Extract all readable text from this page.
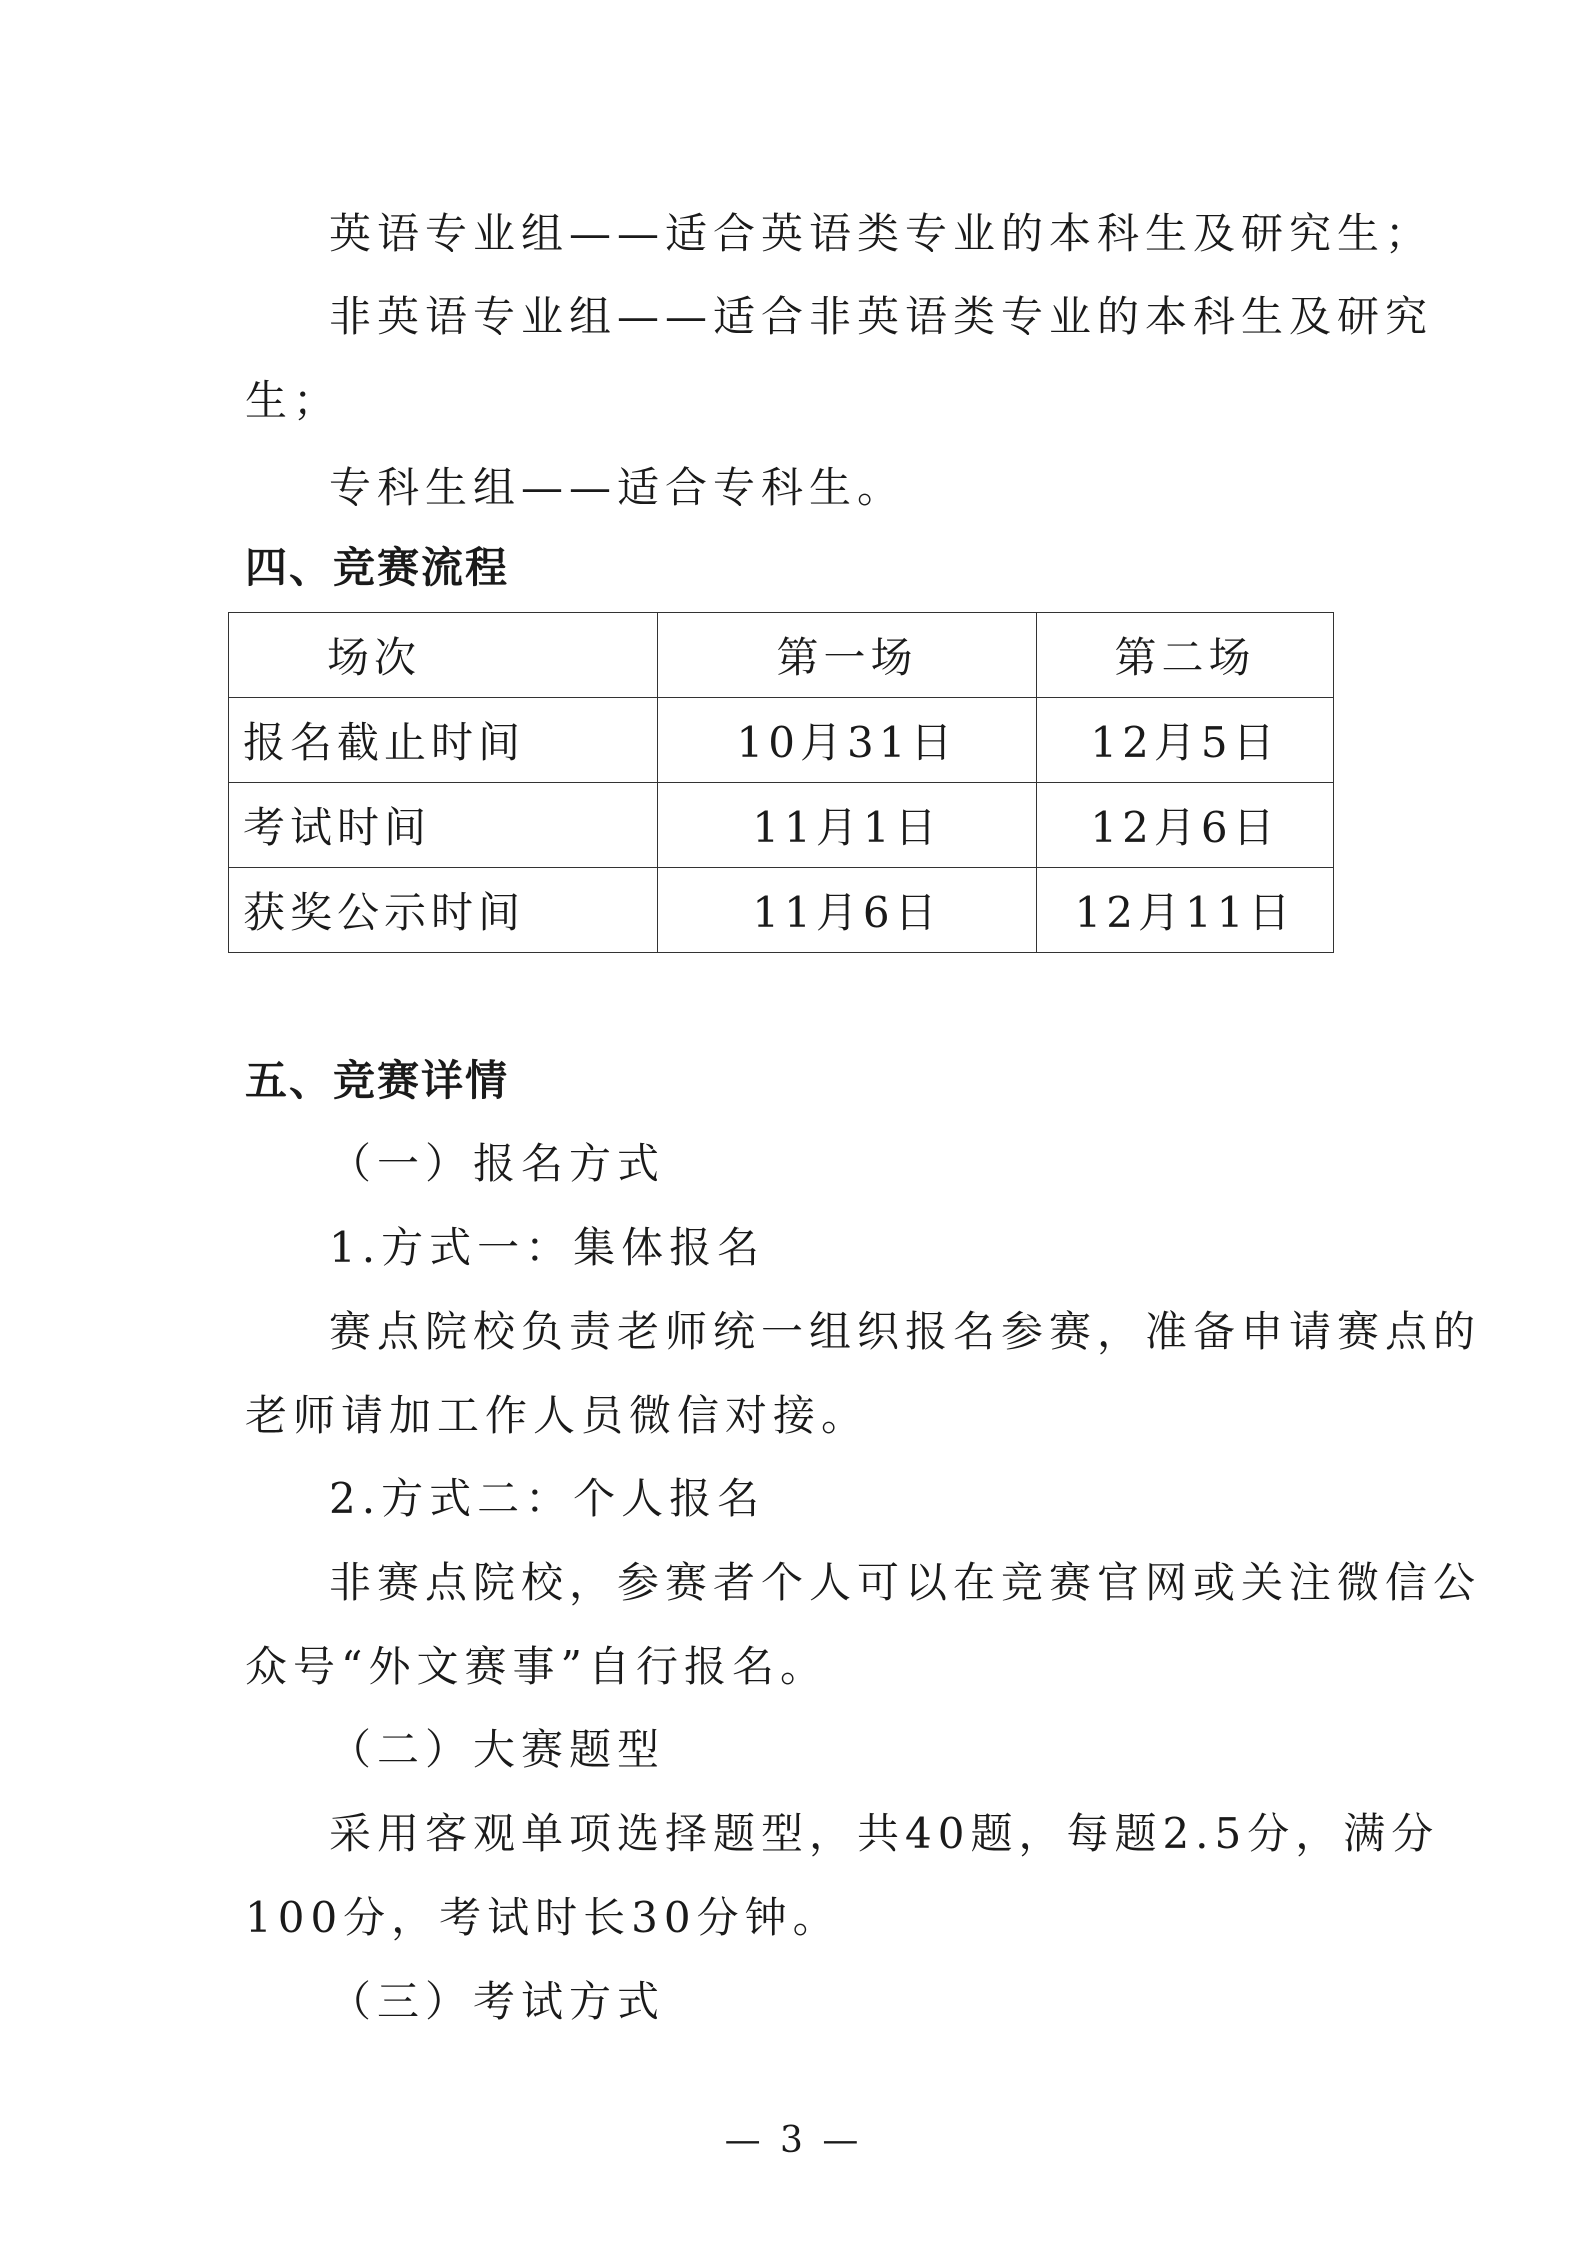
英语专业组——适合英语类专业的本科生及研究生；
非英语专业组——适合非英语类专业的本科生及研究
生；
专科生组——适合专科生。
四、竞赛流程
场次	第一场	第二场
报名截止时间	10月31日	12月5日
考试时间	11月1日	12月6日
获奖公示时间	11月6日	12月11日
五、竞赛详情
（一）报名方式
1.方式一：集体报名
赛点院校负责老师统一组织报名参赛，准备申请赛点的
老师请加工作人员微信对接。
2.方式二：个人报名
非赛点院校，参赛者个人可以在竞赛官网或关注微信公
众号“外文赛事”自行报名。
（二）大赛题型
采用客观单项选择题型，共40题，每题2.5分，满分
100分，考试时长30分钟。
（三）考试方式
— 3 —
